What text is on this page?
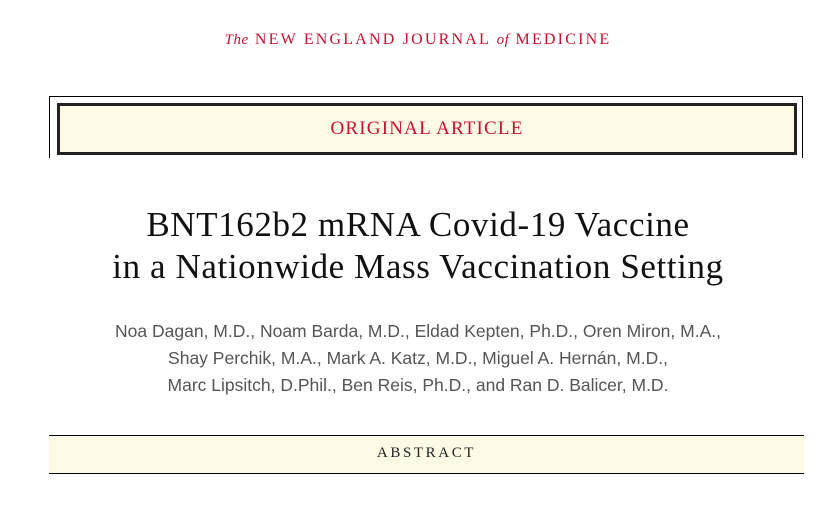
The NEW ENGLAND JOURNAL of MEDICINE
ORIGINAL ARTICLE
BNT162b2 mRNA Covid-19 Vaccine
in a Nationwide Mass Vaccination Setting
Noa Dagan, M.D., Noam Barda, M.D., Eldad Kepten, Ph.D., Oren Miron, M.A.,
Shay Perchik, M.A., Mark A. Katz, M.D., Miguel A. Hernán, M.D.,
Marc Lipsitch, D.Phil., Ben Reis, Ph.D., and Ran D. Balicer, M.D.
ABSTRACT
